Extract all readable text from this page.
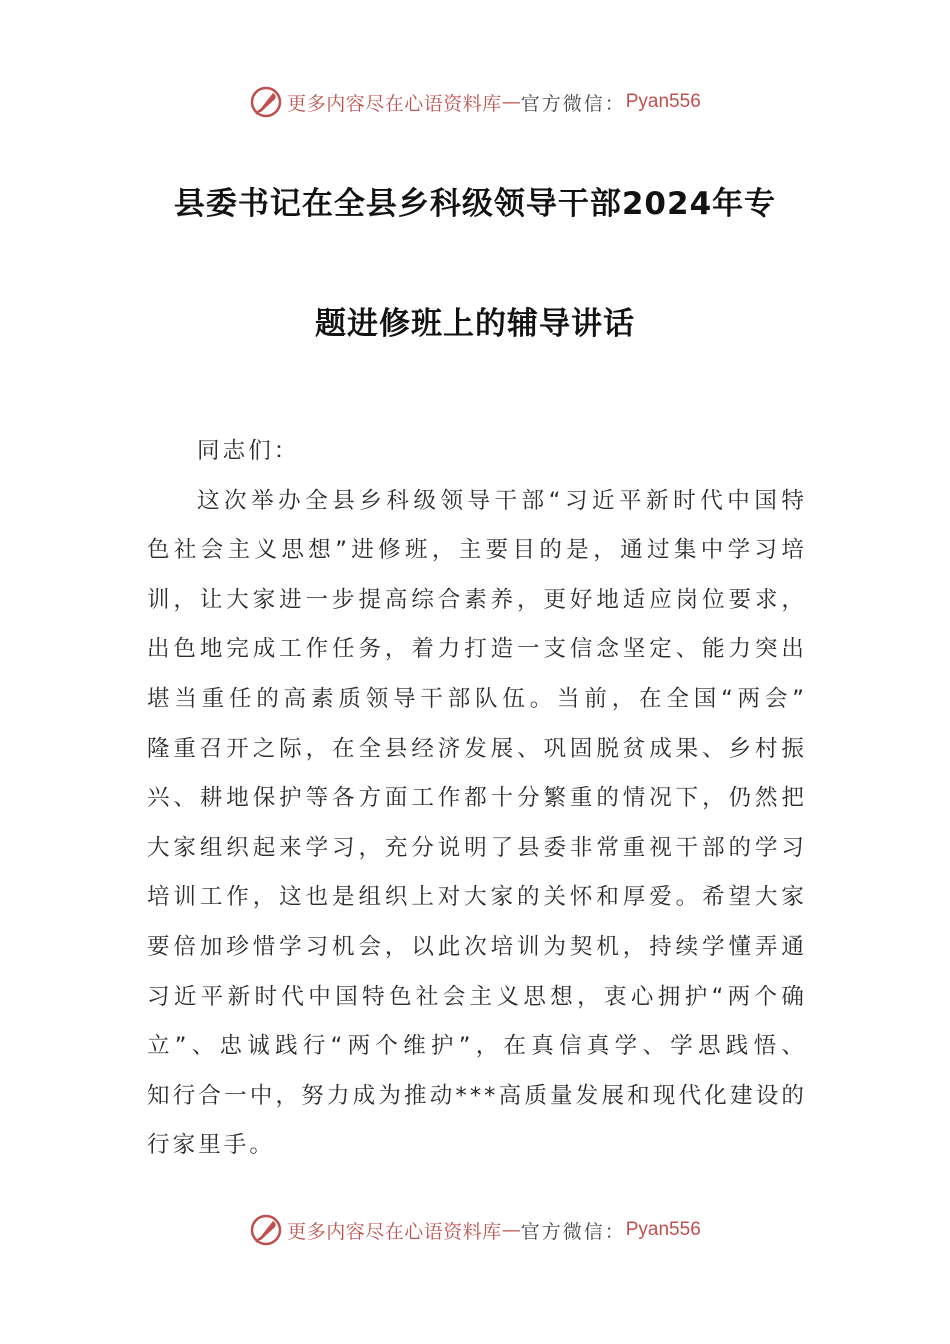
更多内容尽在心语资料库 — 官方微信： Pyan556
县委书记在全县乡科级领导干部2024年专
题进修班上的辅导讲话
同志们：
这次举办全县乡科级领导干部“习近平新时代中国特
色社会主义思想”进修班，主要目的是，通过集中学习培
训，让大家进一步提高综合素养，更好地适应岗位要求，
出色地完成工作任务，着力打造一支信念坚定、能力突出
堪当重任的高素质领导干部队伍。当前，在全国“两会”
隆重召开之际，在全县经济发展、巩固脱贫成果、乡村振
兴、耕地保护等各方面工作都十分繁重的情况下，仍然把
大家组织起来学习，充分说明了县委非常重视干部的学习
培训工作，这也是组织上对大家的关怀和厚爱。希望大家
要倍加珍惜学习机会，以此次培训为契机，持续学懂弄通
习近平新时代中国特色社会主义思想，衷心拥护“两个确
立”、忠诚践行“两个维护”，在真信真学、学思践悟、
知行合一中，努力成为推动***高质量发展和现代化建设的
行家里手。
更多内容尽在心语资料库 — 官方微信： Pyan556
